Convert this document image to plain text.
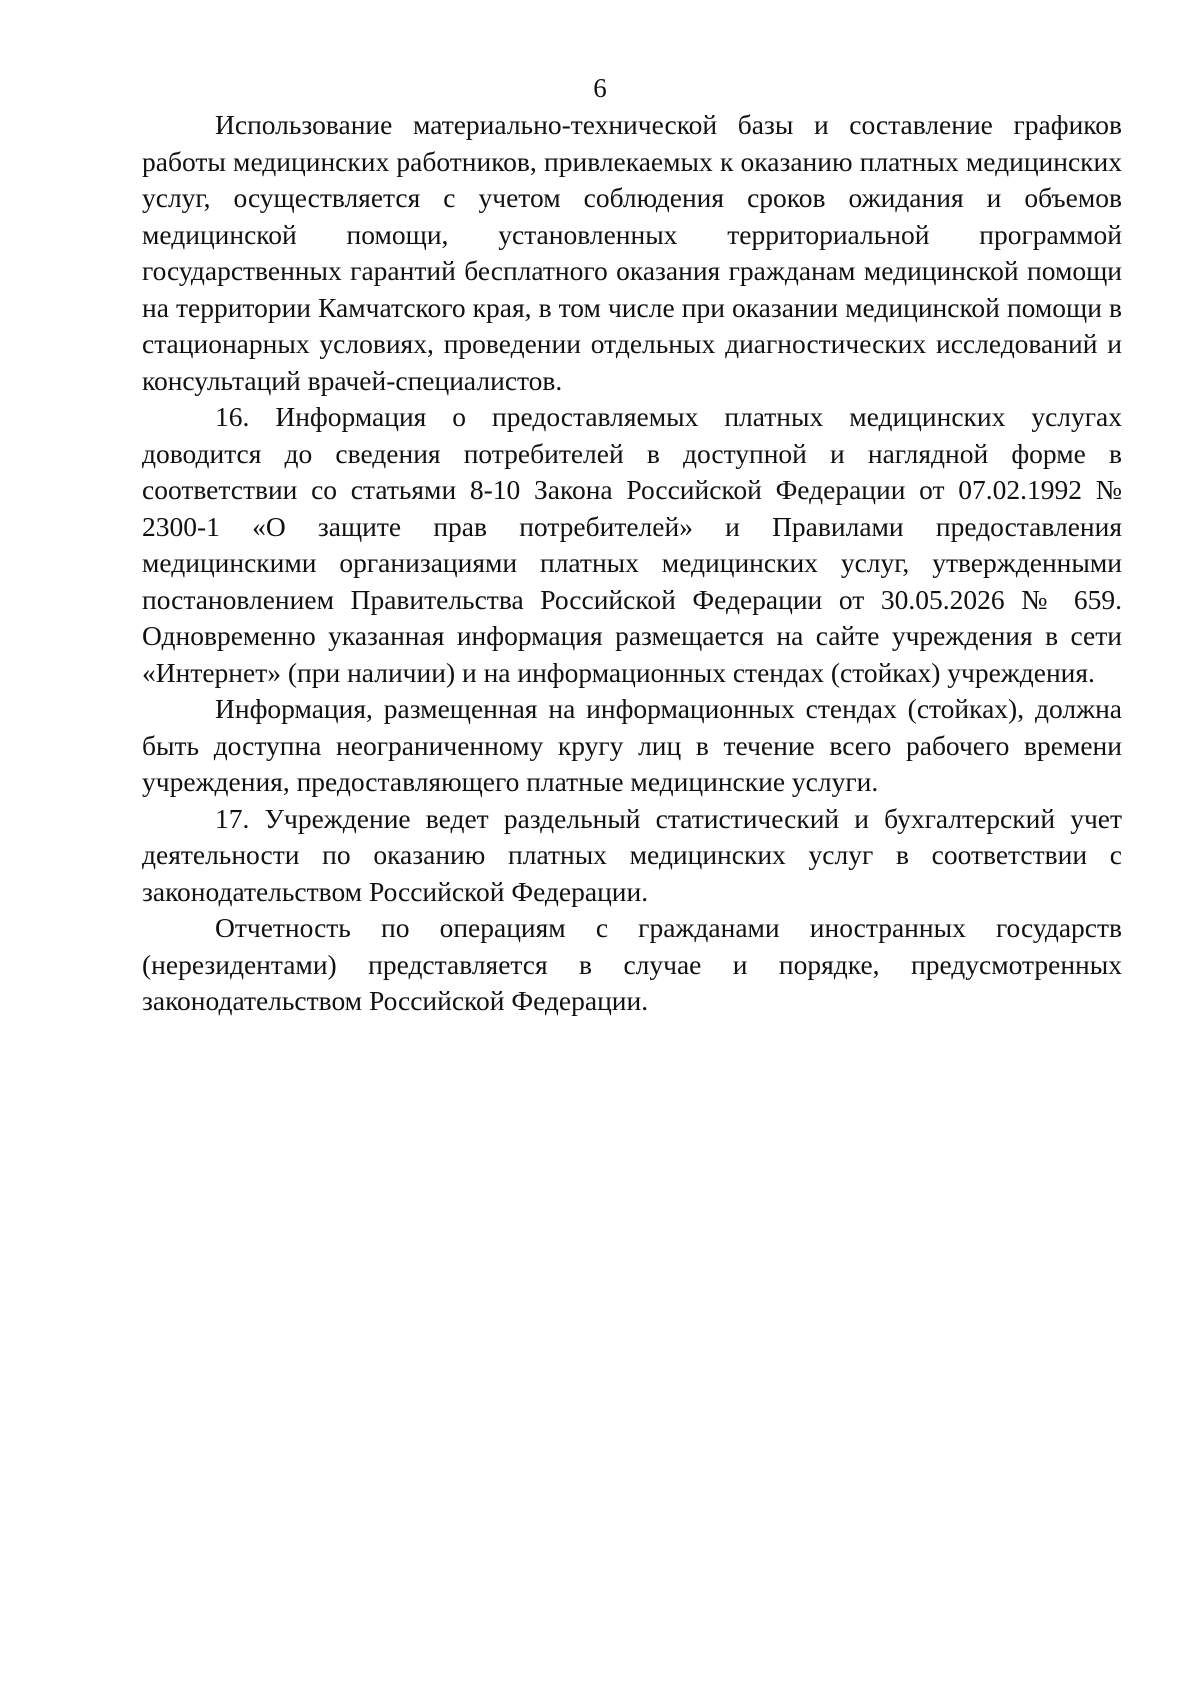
6

Использование материально-технической базы и составление графиков работы медицинских работников, привлекаемых к оказанию платных медицинских услуг, осуществляется с учетом соблюдения сроков ожидания и объемов медицинской помощи, установленных территориальной программой государственных гарантий бесплатного оказания гражданам медицинской помощи на территории Камчатского края, в том числе при оказании медицинской помощи в стационарных условиях, проведении отдельных диагностических исследований и консультаций врачей-специалистов.

16. Информация о предоставляемых платных медицинских услугах доводится до сведения потребителей в доступной и наглядной форме в соответствии со статьями 8-10 Закона Российской Федерации от 07.02.1992 № 2300-1 «О защите прав потребителей» и Правилами предоставления медицинскими организациями платных медицинских услуг, утвержденными постановлением Правительства Российской Федерации от 30.05.2026 № 659. Одновременно указанная информация размещается на сайте учреждения в сети «Интернет» (при наличии) и на информационных стендах (стойках) учреждения.

Информация, размещенная на информационных стендах (стойках), должна быть доступна неограниченному кругу лиц в течение всего рабочего времени учреждения, предоставляющего платные медицинские услуги.

17. Учреждение ведет раздельный статистический и бухгалтерский учет деятельности по оказанию платных медицинских услуг в соответствии с законодательством Российской Федерации.

Отчетность по операциям с гражданами иностранных государств (нерезидентами) представляется в случае и порядке, предусмотренных законодательством Российской Федерации.
